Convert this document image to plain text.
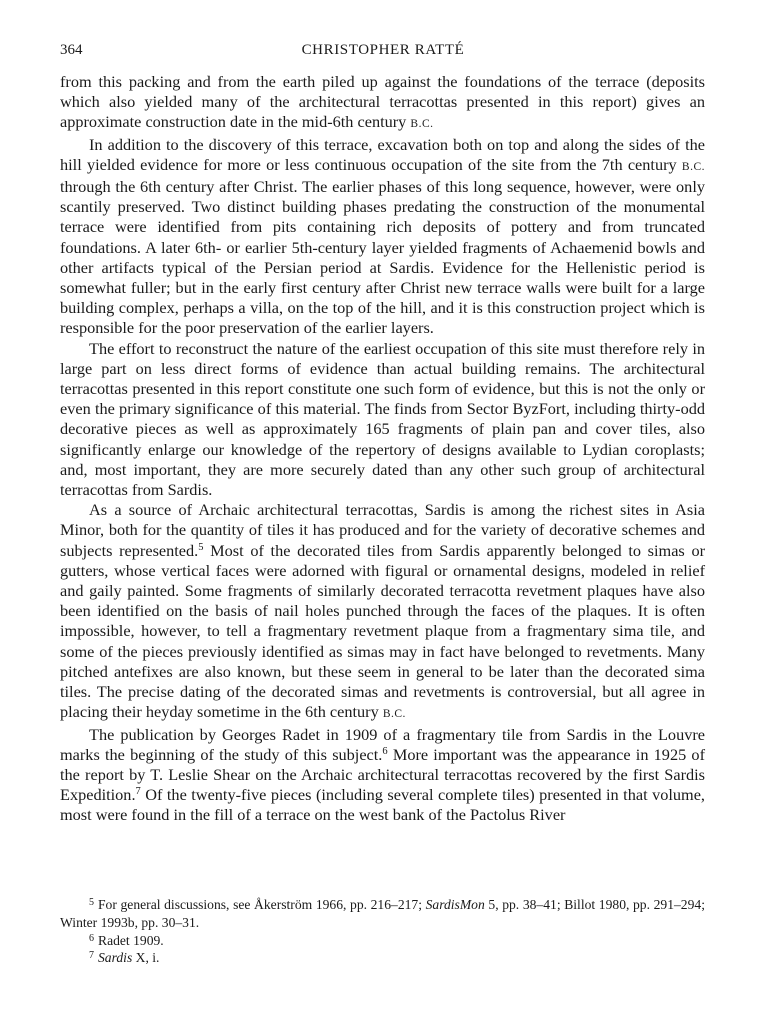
364	CHRISTOPHER RATTÉ

from this packing and from the earth piled up against the foundations of the terrace (deposits which also yielded many of the architectural terracottas presented in this report) gives an approximate construction date in the mid-6th century B.C.

In addition to the discovery of this terrace, excavation both on top and along the sides of the hill yielded evidence for more or less continuous occupation of the site from the 7th century B.C. through the 6th century after Christ. The earlier phases of this long sequence, however, were only scantily preserved. Two distinct building phases predating the construction of the monumental terrace were identified from pits containing rich deposits of pottery and from truncated foundations. A later 6th- or earlier 5th-century layer yielded fragments of Achaemenid bowls and other artifacts typical of the Persian period at Sardis. Evidence for the Hellenistic period is somewhat fuller; but in the early first century after Christ new terrace walls were built for a large building complex, perhaps a villa, on the top of the hill, and it is this construction project which is responsible for the poor preservation of the earlier layers.

The effort to reconstruct the nature of the earliest occupation of this site must therefore rely in large part on less direct forms of evidence than actual building remains. The architectural terracottas presented in this report constitute one such form of evidence, but this is not the only or even the primary significance of this material. The finds from Sector ByzFort, including thirty-odd decorative pieces as well as approximately 165 fragments of plain pan and cover tiles, also significantly enlarge our knowledge of the repertory of designs available to Lydian coroplasts; and, most important, they are more securely dated than any other such group of architectural terracottas from Sardis.

As a source of Archaic architectural terracottas, Sardis is among the richest sites in Asia Minor, both for the quantity of tiles it has produced and for the variety of decorative schemes and subjects represented.$^5$ Most of the decorated tiles from Sardis apparently belonged to simas or gutters, whose vertical faces were adorned with figural or ornamental designs, modeled in relief and gaily painted. Some fragments of similarly decorated terracotta revetment plaques have also been identified on the basis of nail holes punched through the faces of the plaques. It is often impossible, however, to tell a fragmentary revetment plaque from a fragmentary sima tile, and some of the pieces previously identified as simas may in fact have belonged to revetments. Many pitched antefixes are also known, but these seem in general to be later than the decorated sima tiles. The precise dating of the decorated simas and revetments is controversial, but all agree in placing their heyday sometime in the 6th century B.C.

The publication by Georges Radet in 1909 of a fragmentary tile from Sardis in the Louvre marks the beginning of the study of this subject.$^6$ More important was the appearance in 1925 of the report by T. Leslie Shear on the Archaic architectural terracottas recovered by the first Sardis Expedition.$^7$ Of the twenty-five pieces (including several complete tiles) presented in that volume, most were found in the fill of a terrace on the west bank of the Pactolus River

$^5$ For general discussions, see Åkerström 1966, pp. 216–217; SardisMon 5, pp. 38–41; Billot 1980, pp. 291–294; Winter 1993b, pp. 30–31.

$^6$ Radet 1909.

$^7$ Sardis X, i.
